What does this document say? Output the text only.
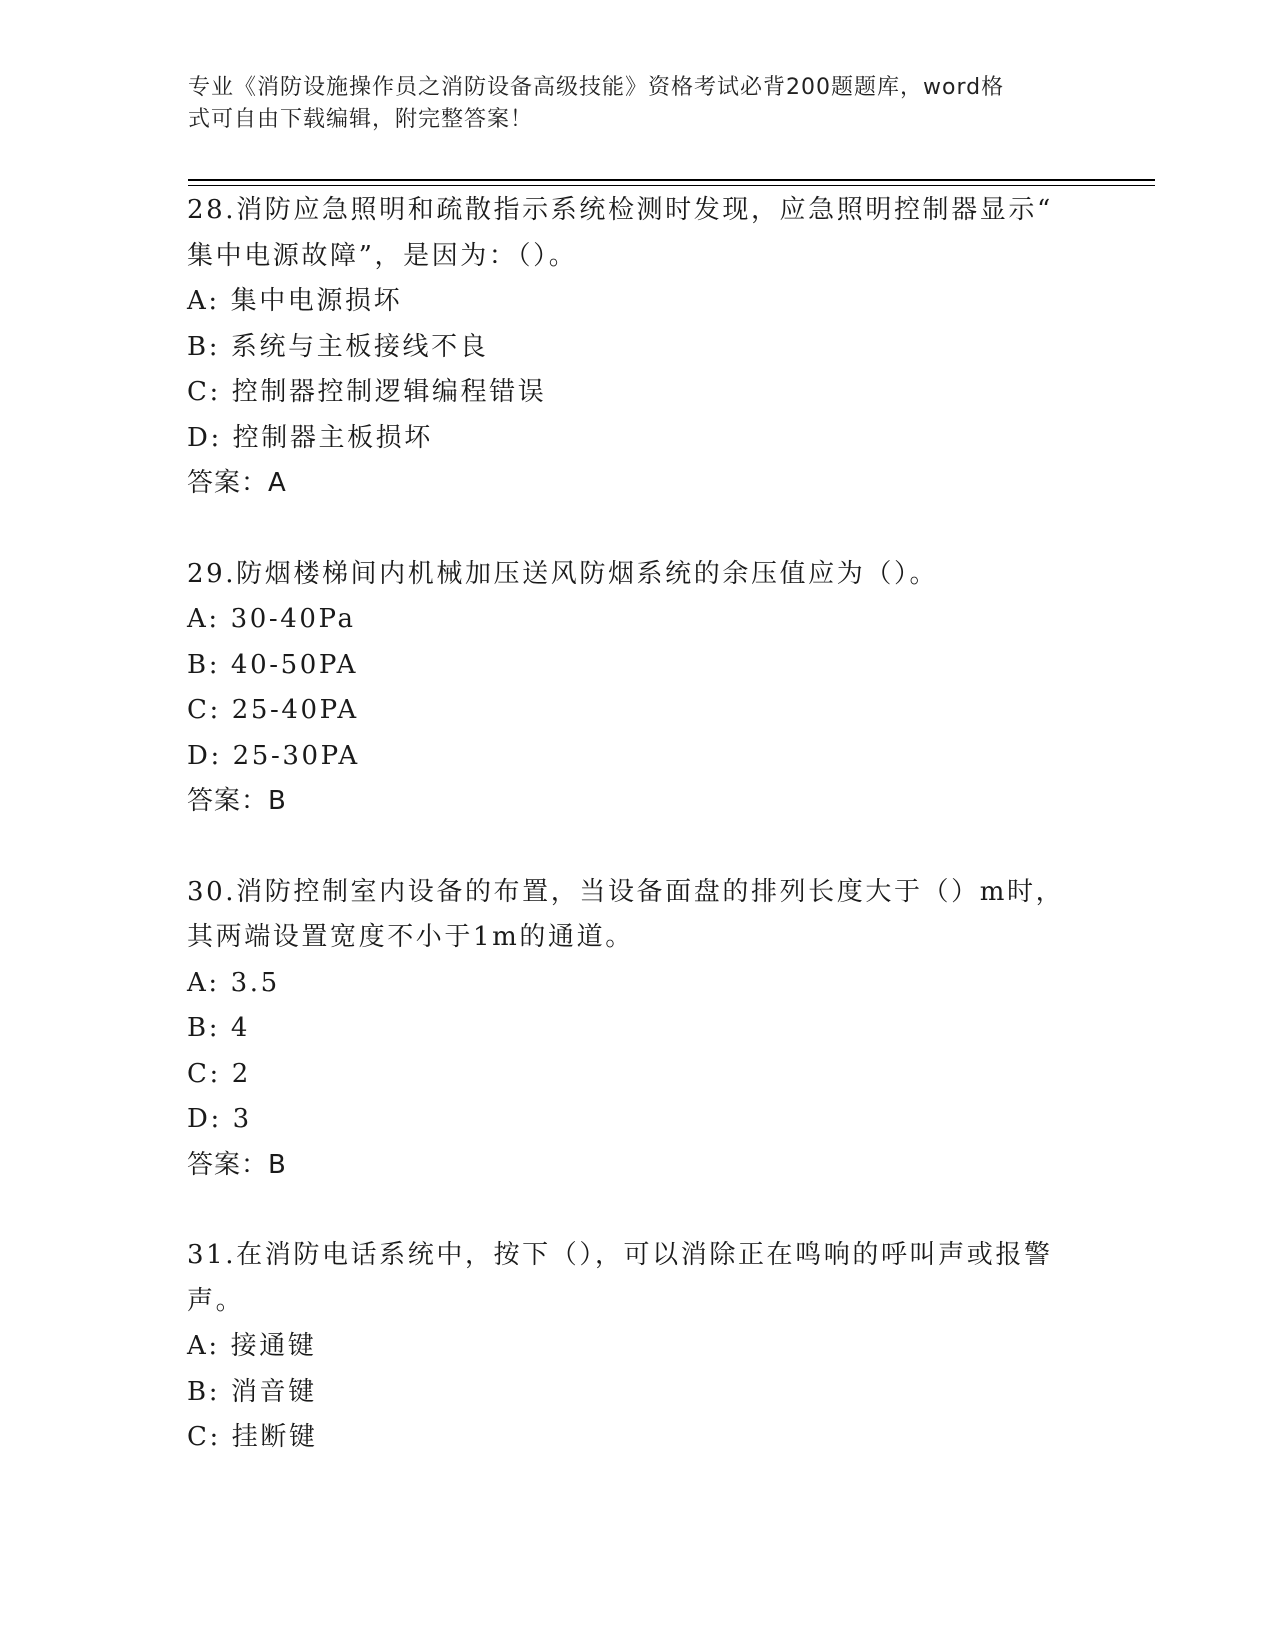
专业《消防设施操作员之消防设备高级技能》资格考试必背200题题库，word格
式可自由下载编辑，附完整答案！

28.消防应急照明和疏散指示系统检测时发现，应急照明控制器显示“

集中电源故障”，是因为：（）。

A: 集中电源损坏

B: 系统与主板接线不良

C: 控制器控制逻辑编程错误

D: 控制器主板损坏

答案：A

29.防烟楼梯间内机械加压送风防烟系统的余压值应为（）。

A: 30-40Pa

B: 40-50PA

C: 25-40PA

D: 25-30PA

答案：B

30.消防控制室内设备的布置，当设备面盘的排列长度大于（）m时，

其两端设置宽度不小于1m的通道。

A: 3.5

B: 4

C: 2

D: 3

答案：B

31.在消防电话系统中，按下（），可以消除正在鸣响的呼叫声或报警

声。

A: 接通键

B: 消音键

C: 挂断键
